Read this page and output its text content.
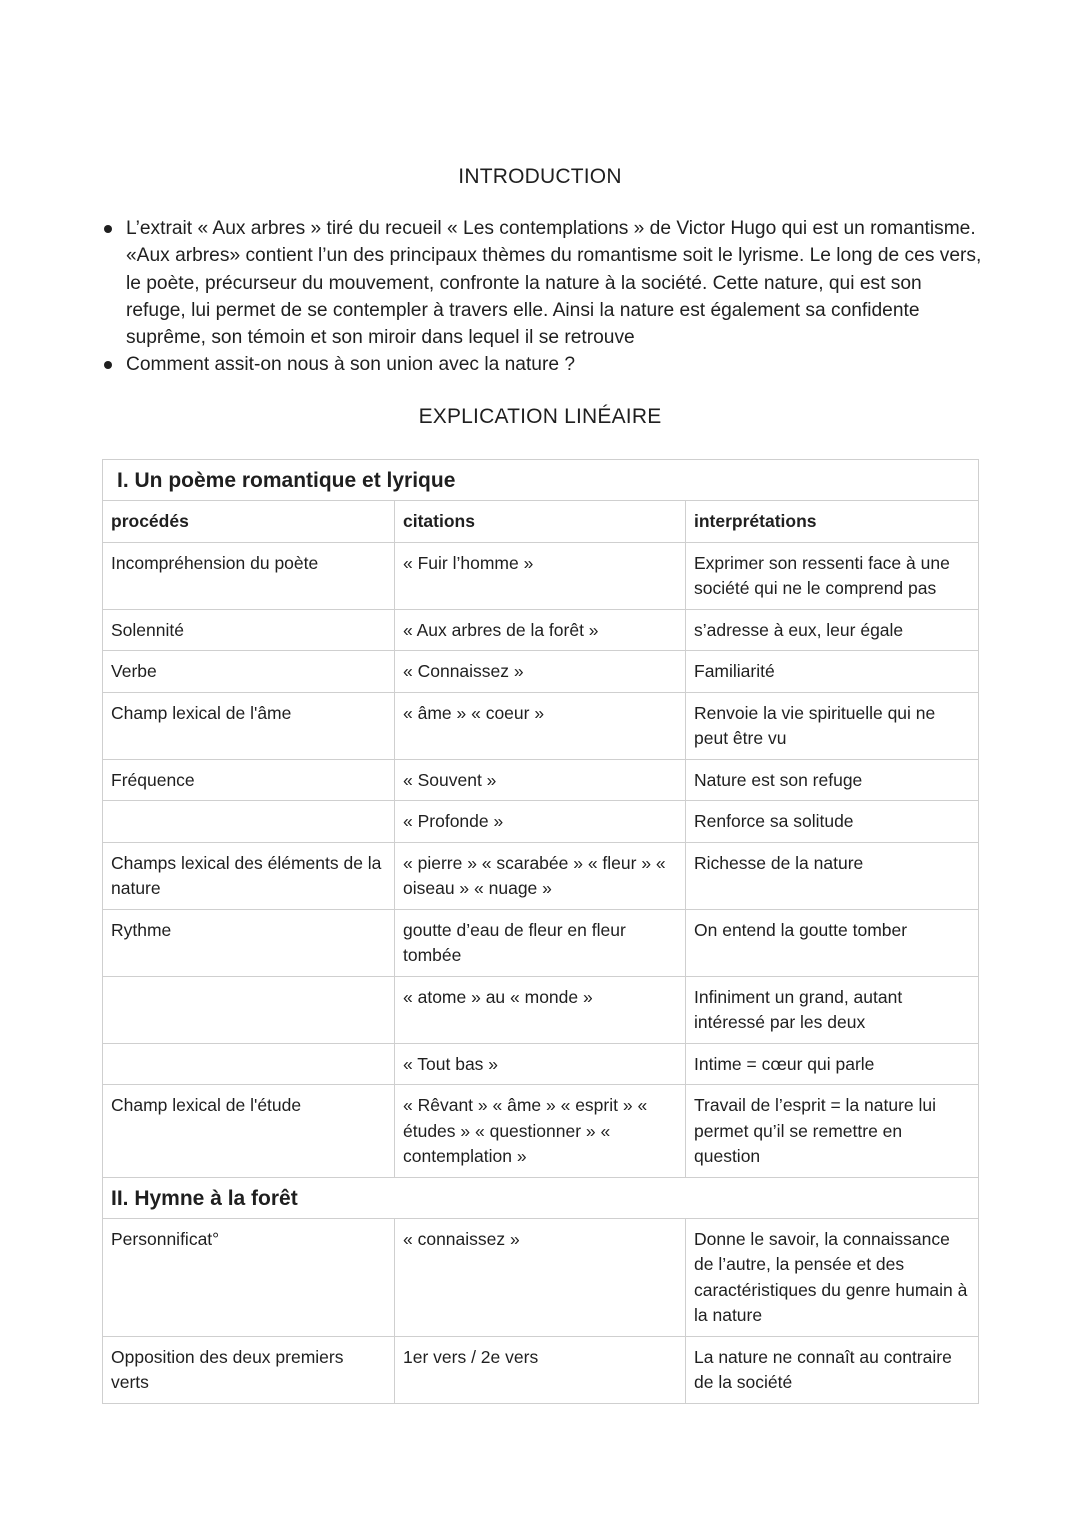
INTRODUCTION
L’extrait « Aux arbres » tiré du recueil « Les contemplations » de Victor Hugo qui est un romantisme. «Aux arbres» contient l’un des principaux thèmes du romantisme soit le lyrisme. Le long de ces vers, le poète, précurseur du mouvement, confronte la nature à la société. Cette nature, qui est son refuge, lui permet de se contempler à travers elle. Ainsi la nature est également sa confidente suprême, son témoin et son miroir dans lequel il se retrouve
Comment assit-on nous à son union avec la nature ?
EXPLICATION LINÉAIRE
I. Un poème romantique et lyrique		
procédés	citations	interprétations
Incompréhension du poète	« Fuir l’homme »	Exprimer son ressenti face à une société qui ne le comprend pas
Solennité	« Aux arbres de la forêt »	s’adresse à eux, leur égale
Verbe	« Connaissez »	Familiarité
Champ lexical de l'âme	« âme » « coeur »	Renvoie la vie spirituelle qui ne peut être vu
Fréquence	« Souvent »	Nature est son refuge
	« Profonde »	Renforce sa solitude
Champs lexical des éléments de la nature	« pierre » « scarabée » « fleur » « oiseau » « nuage »	Richesse de la nature
Rythme	goutte d’eau de fleur en fleur tombée	On entend la goutte tomber
	« atome » au « monde »	Infiniment un grand, autant intéressé par les deux
	« Tout bas »	Intime = cœur qui parle
Champ lexical de l'étude	« Rêvant » « âme » « esprit » « études » « questionner » « contemplation »	Travail de l’esprit = la nature lui permet qu’il se remettre en question
II. Hymne à la forêt		
Personnificat°	« connaissez »	Donne le savoir, la connaissance de l’autre, la pensée et des caractéristiques du genre humain à la nature
Opposition des deux premiers verts	1er vers / 2e vers	La nature ne connaît au contraire de la société
